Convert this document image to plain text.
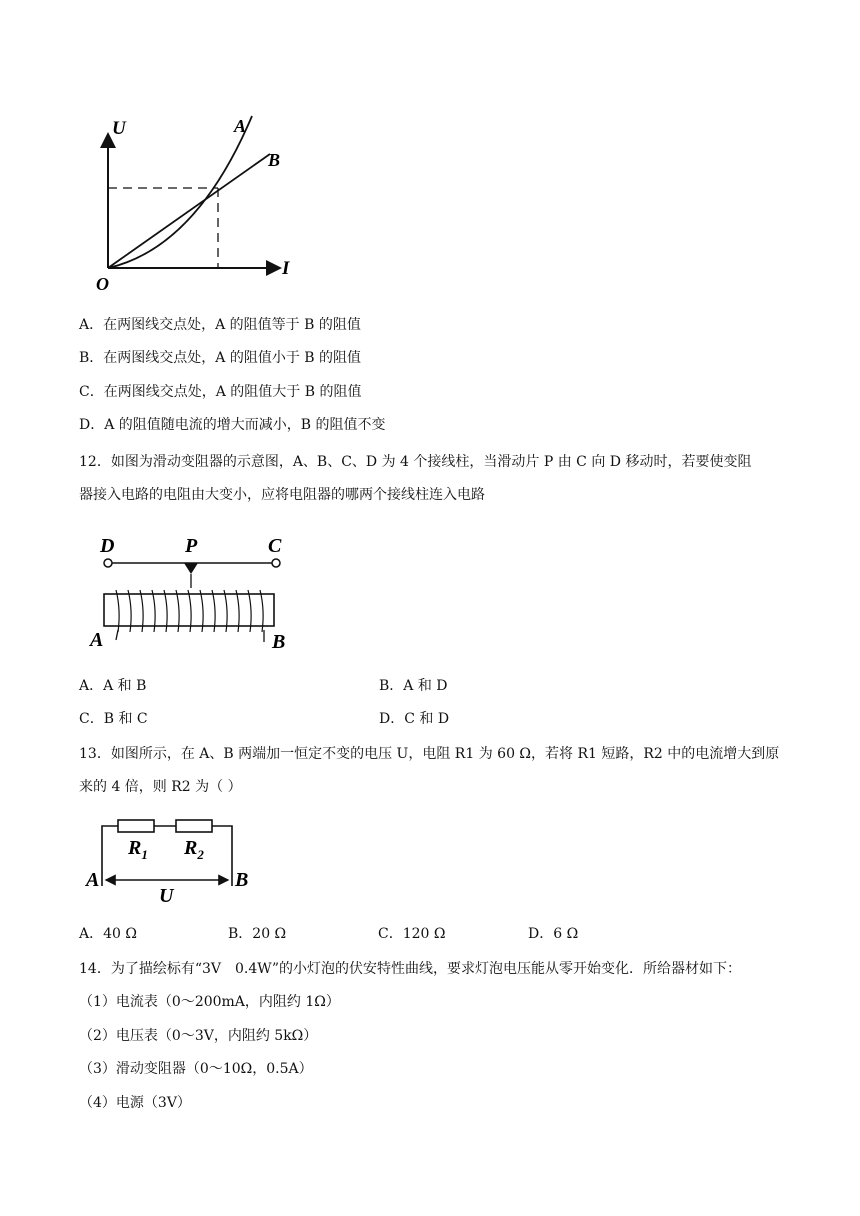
U
I
O
A
B
A．在两图线交点处，A 的阻值等于 B 的阻值
B．在两图线交点处，A 的阻值小于 B 的阻值
C．在两图线交点处，A 的阻值大于 B 的阻值
D．A 的阻值随电流的增大而减小，B 的阻值不变
12．如图为滑动变阻器的示意图，A、B、C、D 为 4 个接线柱，当滑动片 P 由 C 向 D 移动时，若要使变阻
器接入电路的电阻由大变小，应将电阻器的哪两个接线柱连入电路
D	P	C
A	B
A．A 和 B	B．A 和 D
C．B 和 C	D．C 和 D
13．如图所示，在 A、B 两端加一恒定不变的电压 U，电阻 R1 为 60 Ω，若将 R1 短路，R2 中的电流增大到原
来的 4 倍，则 R2 为（ ）
$R_1$ $R_2$
A	B
U
A．40 Ω	B．20 Ω	C．120 Ω	D．6 Ω
14．为了描绘标有“3V　0.4W”的小灯泡的伏安特性曲线，要求灯泡电压能从零开始变化．所给器材如下：
（1）电流表（0～200mA，内阻约 1Ω）
（2）电压表（0～3V，内阻约 5kΩ）
（3）滑动变阻器（0～10Ω，0.5A）
（4）电源（3V）
